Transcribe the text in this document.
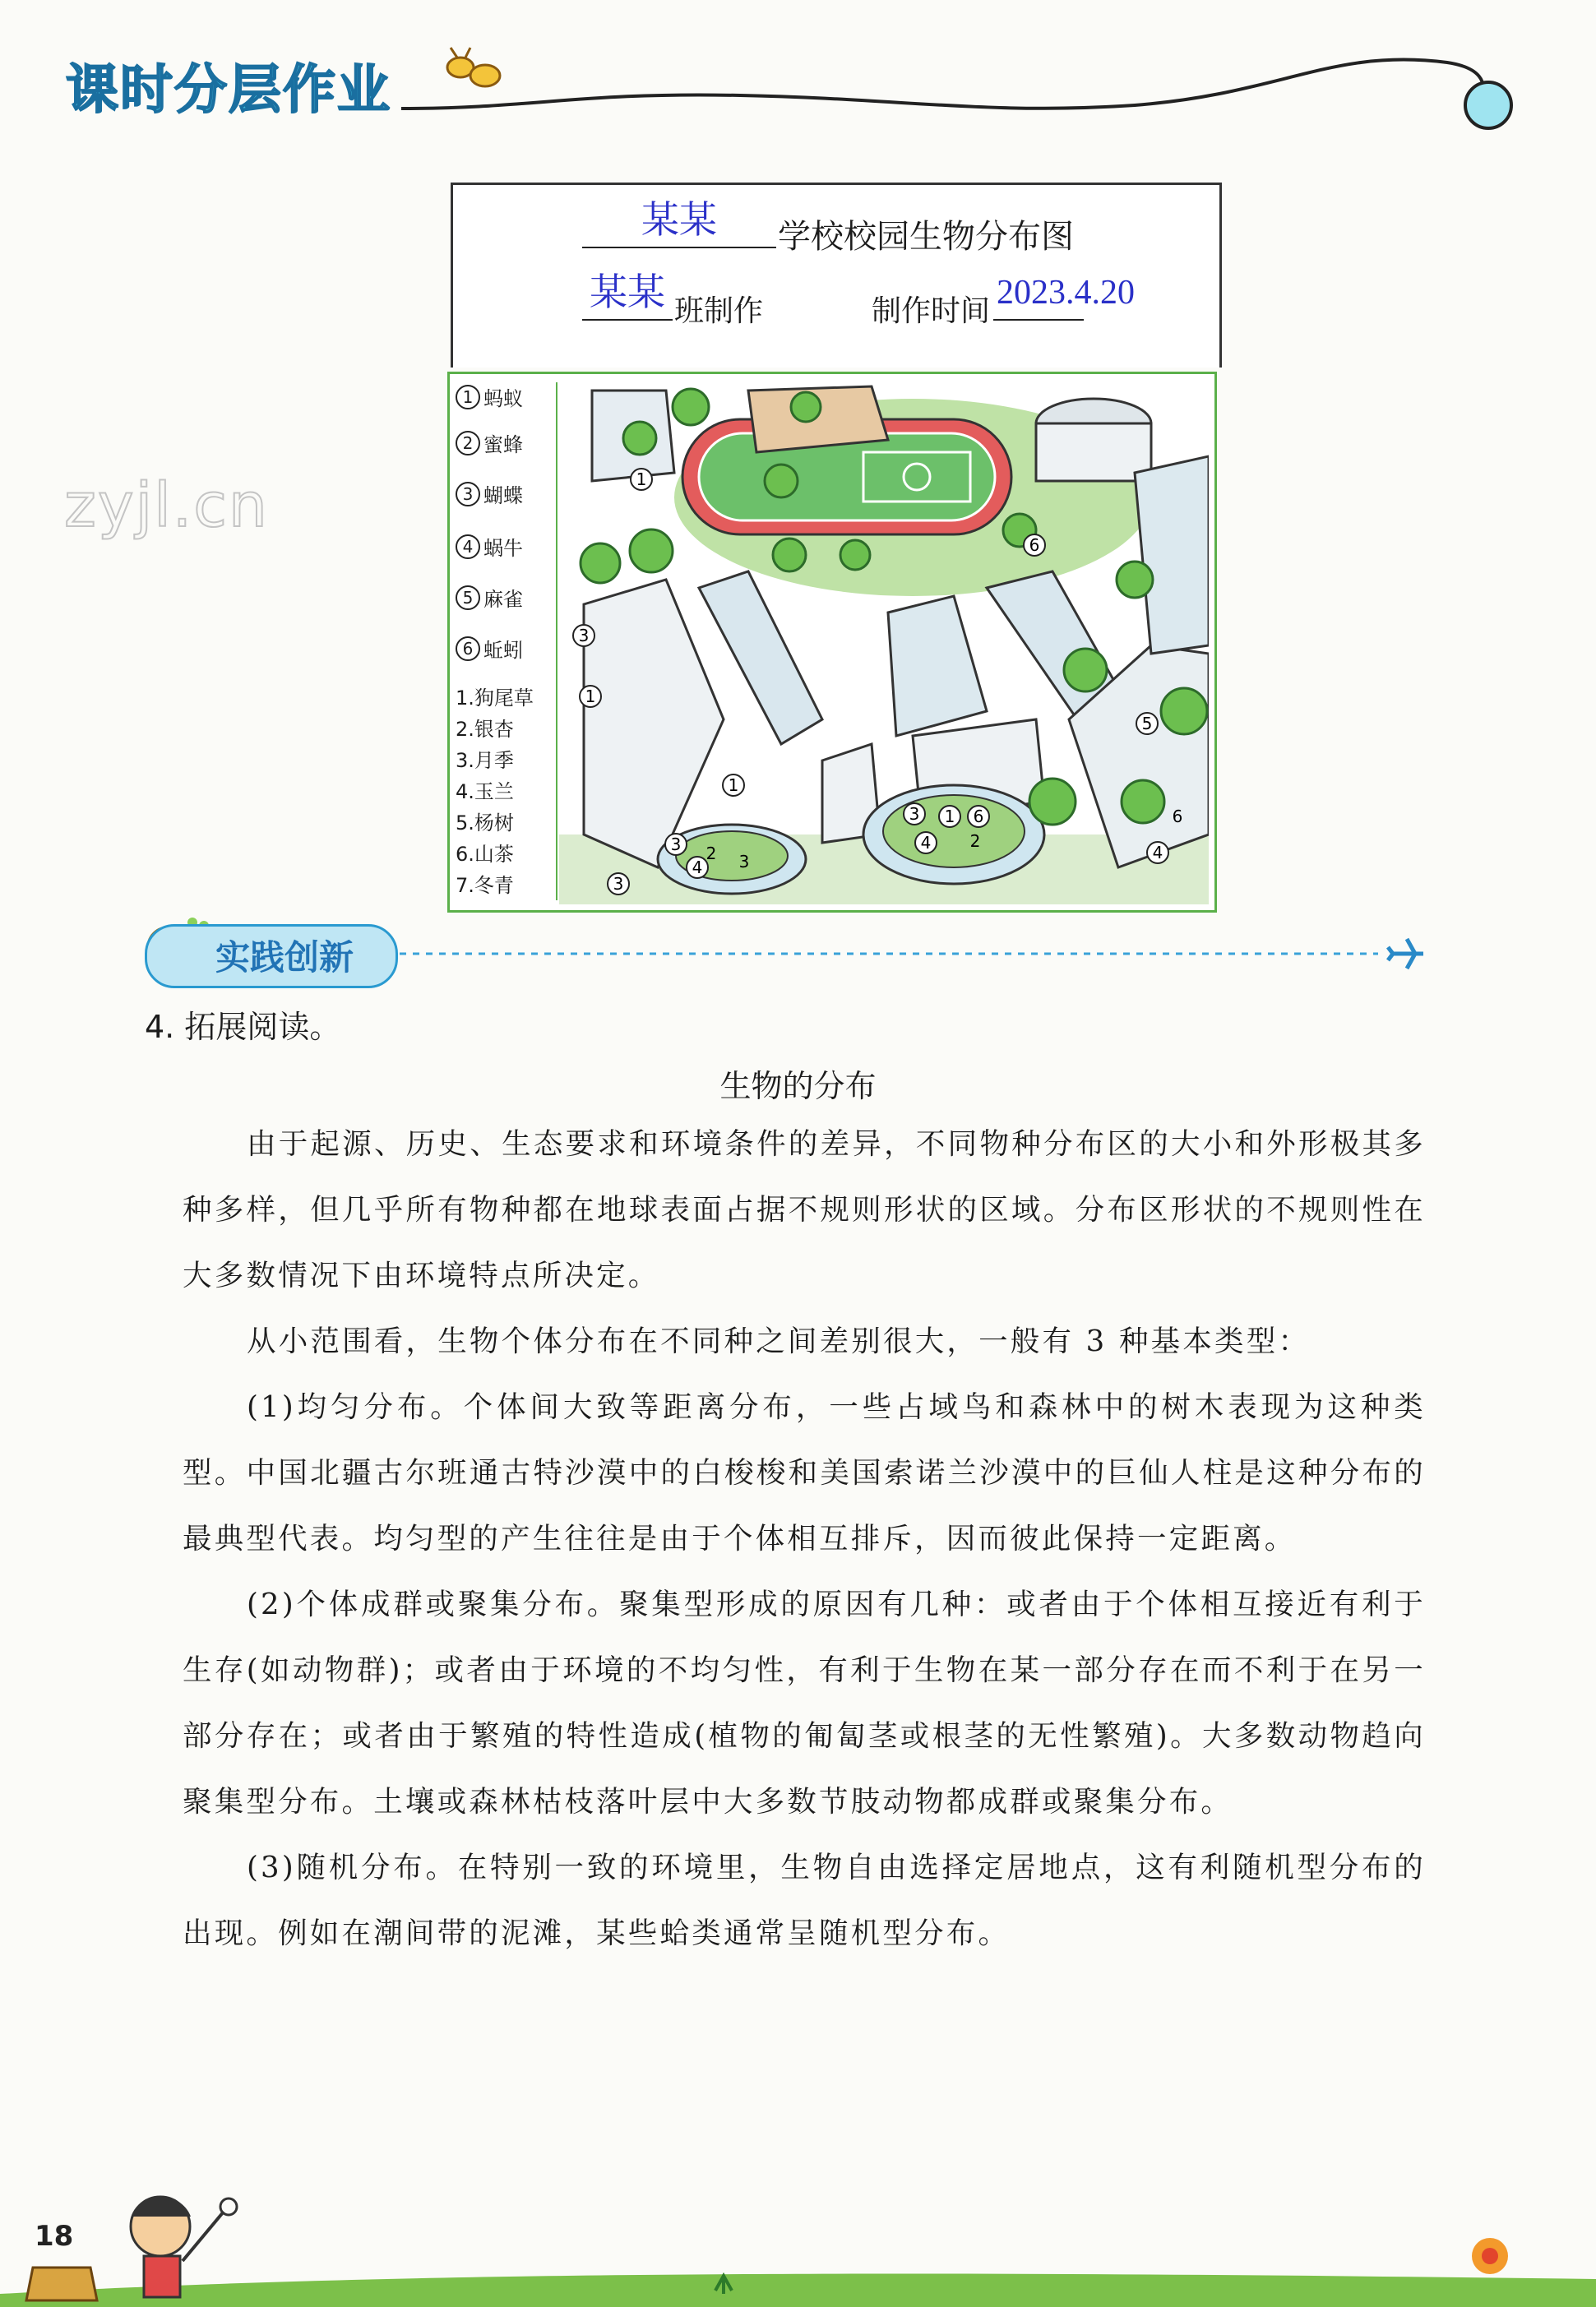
课时分层作业
zyjl.cn
某某	学校校园生物分布图
某某 班制作	制作时间 2023.4.20
1 蚂蚁
2 蜜蜂
3 蝴蝶
4 蜗牛
5 麻雀
6 蚯蚓
1.狗尾草
2.银杏
3.月季
4.玉兰
5.杨树
6.山茶
7.冬青
1
3
1
1
6
5
4
3 1 6
4
3
4
3
2 3
2
6
实践创新
4. 拓展阅读。
生物的分布
由于起源、历史、生态要求和环境条件的差异，不同物种分布区的大小和外形极其多种多样，但几乎所有物种都在地球表面占据不规则形状的区域。分布区形状的不规则性在大多数情况下由环境特点所决定。
从小范围看，生物个体分布在不同种之间差别很大，一般有 3 种基本类型：
(1)均匀分布。个体间大致等距离分布，一些占域鸟和森林中的树木表现为这种类型。中国北疆古尔班通古特沙漠中的白梭梭和美国索诺兰沙漠中的巨仙人柱是这种分布的最典型代表。均匀型的产生往往是由于个体相互排斥，因而彼此保持一定距离。
(2)个体成群或聚集分布。聚集型形成的原因有几种：或者由于个体相互接近有利于生存(如动物群)；或者由于环境的不均匀性，有利于生物在某一部分存在而不利于在另一部分存在；或者由于繁殖的特性造成(植物的匍匐茎或根茎的无性繁殖)。大多数动物趋向聚集型分布。土壤或森林枯枝落叶层中大多数节肢动物都成群或聚集分布。
(3)随机分布。在特别一致的环境里，生物自由选择定居地点，这有利随机型分布的出现。例如在潮间带的泥滩，某些蛤类通常呈随机型分布。
18
